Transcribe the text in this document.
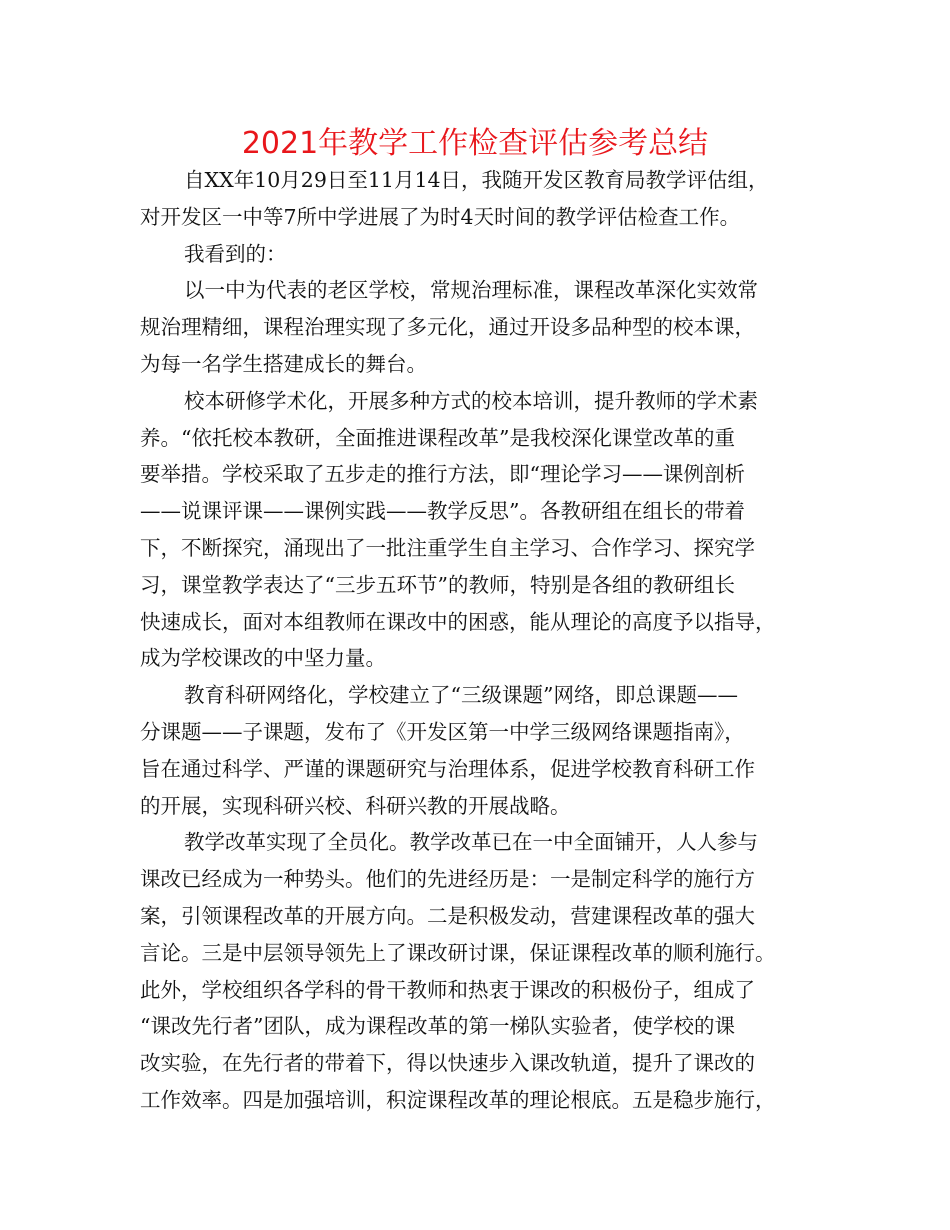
2021年教学工作检查评估参考总结
自XX年10月29日至11月14日，我随开发区教育局教学评估组，
对开发区一中等7所中学进展了为时4天时间的教学评估检查工作。
我看到的：
以一中为代表的老区学校，常规治理标准，课程改革深化实效常
规治理精细，课程治理实现了多元化，通过开设多品种型的校本课，
为每一名学生搭建成长的舞台。
校本研修学术化，开展多种方式的校本培训，提升教师的学术素
养。“依托校本教研，全面推进课程改革”是我校深化课堂改革的重
要举措。学校采取了五步走的推行方法，即“理论学习——课例剖析
——说课评课——课例实践——教学反思”。各教研组在组长的带着
下，不断探究，涌现出了一批注重学生自主学习、合作学习、探究学
习，课堂教学表达了“三步五环节”的教师，特别是各组的教研组长
快速成长，面对本组教师在课改中的困惑，能从理论的高度予以指导，
成为学校课改的中坚力量。
教育科研网络化，学校建立了“三级课题”网络，即总课题——
分课题——子课题，发布了《开发区第一中学三级网络课题指南》，
旨在通过科学、严谨的课题研究与治理体系，促进学校教育科研工作
的开展，实现科研兴校、科研兴教的开展战略。
教学改革实现了全员化。教学改革已在一中全面铺开，人人参与
课改已经成为一种势头。他们的先进经历是：一是制定科学的施行方
案，引领课程改革的开展方向。二是积极发动，营建课程改革的强大
言论。三是中层领导领先上了课改研讨课，保证课程改革的顺利施行。
此外，学校组织各学科的骨干教师和热衷于课改的积极份子，组成了
“课改先行者”团队，成为课程改革的第一梯队实验者，使学校的课
改实验，在先行者的带着下，得以快速步入课改轨道，提升了课改的
工作效率。四是加强培训，积淀课程改革的理论根底。五是稳步施行，
